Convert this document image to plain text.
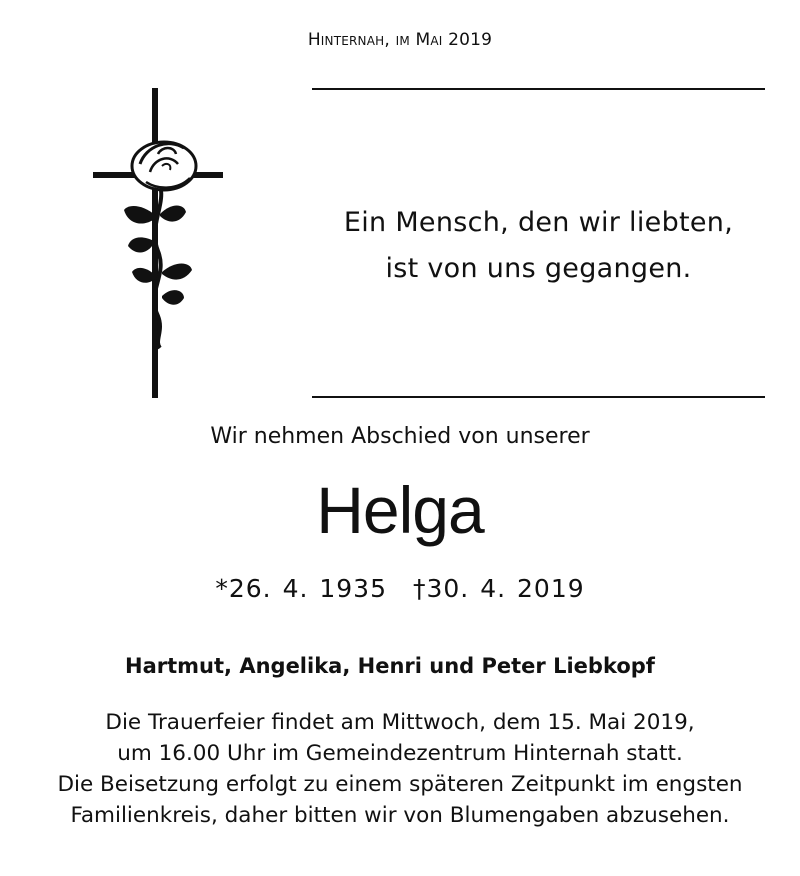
Hinternah, im Mai 2019
Ein Mensch, den wir liebten,
ist von uns gegangen.
Wir nehmen Abschied von unserer
Helga
*26. 4. 1935 †30. 4. 2019
Hartmut, Angelika, Henri und Peter Liebkopf

Die Trauerfeier findet am Mittwoch, dem 15. Mai 2019,

um 16.00 Uhr im Gemeindezentrum Hinternah statt.

Die Beisetzung erfolgt zu einem späteren Zeitpunkt im engsten

Familienkreis, daher bitten wir von Blumengaben abzusehen.
